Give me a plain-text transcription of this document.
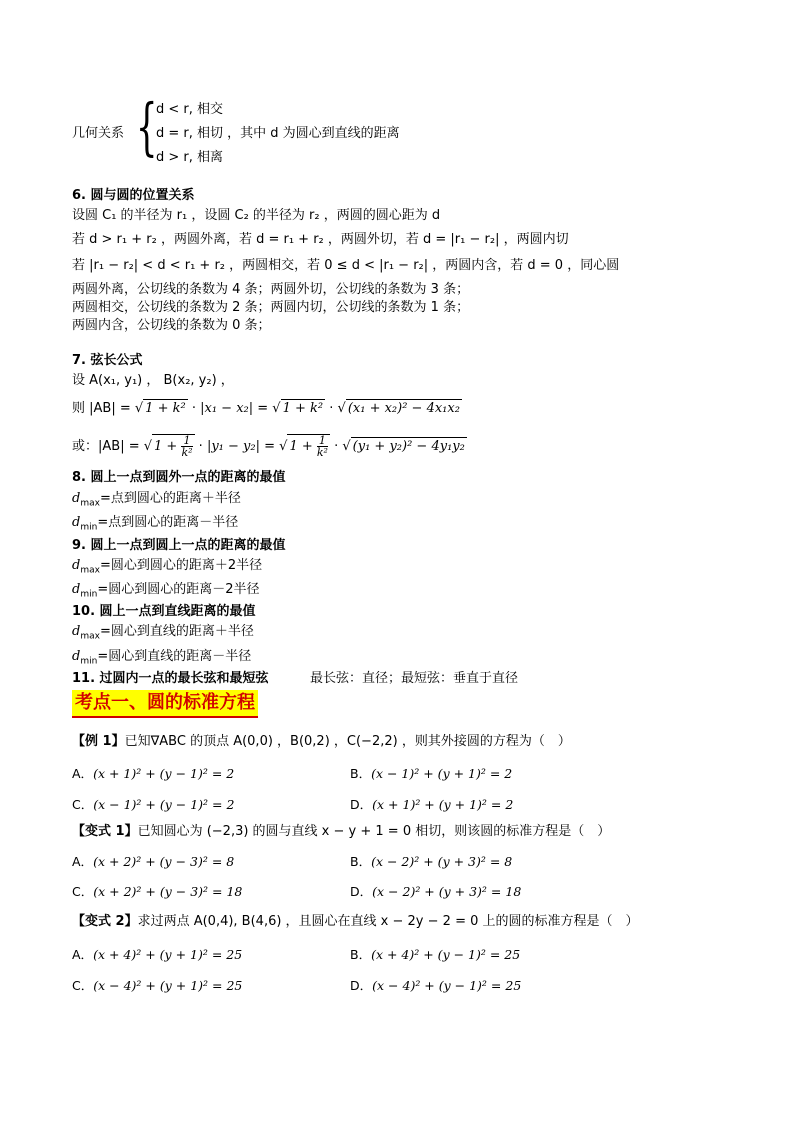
几何关系 {
d < r, 相交
d = r, 相切 ，其中 d 为圆心到直线的距离
d > r, 相离
6. 圆与圆的位置关系
设圆 C₁ 的半径为 r₁ ，设圆 C₂ 的半径为 r₂ ，两圆的圆心距为 d
若 d > r₁ + r₂ ，两圆外离，若 d = r₁ + r₂ ，两圆外切，若 d = |r₁ − r₂| ，两圆内切
若 |r₁ − r₂| < d < r₁ + r₂ ，两圆相交，若 0 ≤ d < |r₁ − r₂| ，两圆内含，若 d = 0 ，同心圆
两圆外离，公切线的条数为 4 条；两圆外切，公切线的条数为 3 条；
两圆相交，公切线的条数为 2 条；两圆内切，公切线的条数为 1 条；
两圆内含，公切线的条数为 0 条；
7. 弦长公式
设 A(x₁, y₁) ， B(x₂, y₂) ，
则 |AB| = √ 1 + k² · |x₁ − x₂| = √ 1 + k² · √ (x₁ + x₂)² − 4x₁x₂
或：|AB| = √ $1 + \frac{1}{\text{k²}} \cdot |y_1 - y_2|$ = √ $1 + \frac{1}{\text{k²}}$ · √ (y₁ + y₂)² − 4y₁y₂
8. 圆上一点到圆外一点的距离的最值
$d_{max}=$点到圆心的距离＋半径
$d_{min}=$点到圆心的距离－半径
9. 圆上一点到圆上一点的距离的最值
$d_{max}=$圆心到圆心的距离＋2半径
$d_{min}=$圆心到圆心的距离－2半径
10. 圆上一点到直线距离的最值
$d_{max}=$圆心到直线的距离＋半径
$d_{min}=$圆心到直线的距离－半径
11. 过圆内一点的最长弦和最短弦	最长弦：直径；最短弦：垂直于直径
考点一、圆的标准方程
【例 1】已知∇ABC 的顶点 A(0,0) ，B(0,2) ，C(−2,2) ，则其外接圆的方程为（　）
A．(x + 1)² + (y − 1)² = 2	B．(x − 1)² + (y + 1)² = 2
C．(x − 1)² + (y − 1)² = 2	D．(x + 1)² + (y + 1)² = 2
【变式 1】已知圆心为 (−2,3) 的圆与直线 x − y + 1 = 0 相切，则该圆的标准方程是（　）
A．(x + 2)² + (y − 3)² = 8	B．(x − 2)² + (y + 3)² = 8
C．(x + 2)² + (y − 3)² = 18	D．(x − 2)² + (y + 3)² = 18
【变式 2】求过两点 A(0,4), B(4,6) ，且圆心在直线 x − 2y − 2 = 0 上的圆的标准方程是（　）
A．(x + 4)² + (y + 1)² = 25	B．(x + 4)² + (y − 1)² = 25
C．(x − 4)² + (y + 1)² = 25	D．(x − 4)² + (y − 1)² = 25
